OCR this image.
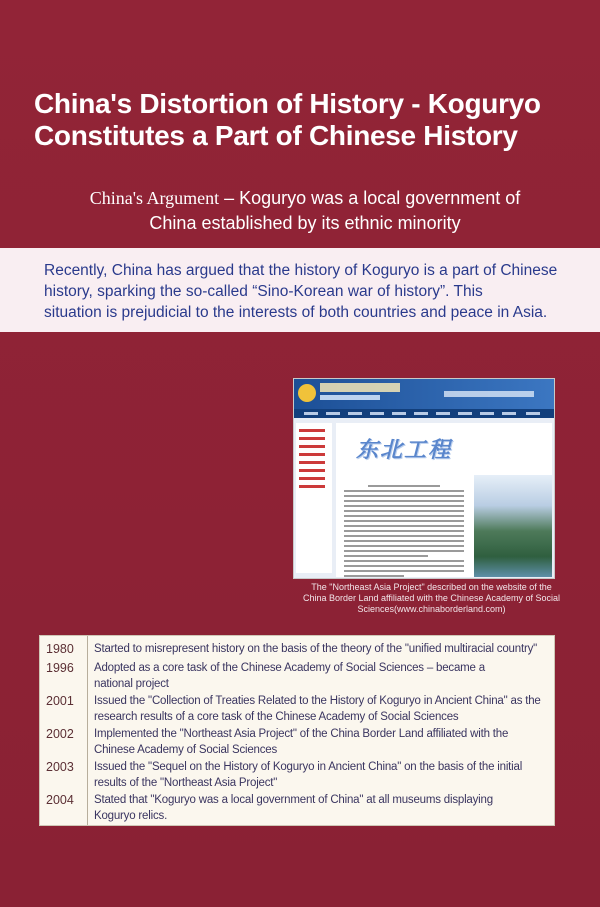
China's Distortion of History - Koguryo
Constitutes a Part of Chinese History
China's Argument – Koguryo was a local government of
China established by its ethnic minority
Recently, China has argued that the history of Koguryo is a part of Chinese
history, sparking the so-called “Sino-Korean war of history”. This
situation is prejudicial to the interests of both countries and peace in Asia.
东北工程
The "Northeast Asia Project" described on the website of the
China Border Land affiliated with the Chinese Academy of Social
Sciences(www.chinaborderland.com)
1980	Started to misrepresent history on the basis of the theory of the "unified multiracial country"
1996	Adopted as a core task of the Chinese Academy of Social Sciences – became a
national project
2001	Issued the "Collection of Treaties Related to the History of Koguryo in Ancient China" as the
research results of a core task of the Chinese Academy of Social Sciences
2002	Implemented the "Northeast Asia Project" of the China Border Land affiliated with the
Chinese Academy of Social Sciences
2003	Issued the "Sequel on the History of Koguryo in Ancient China" on the basis of the initial
results of the "Northeast Asia Project"
2004	Stated that "Koguryo was a local government of China" at all museums displaying
Koguryo relics.
